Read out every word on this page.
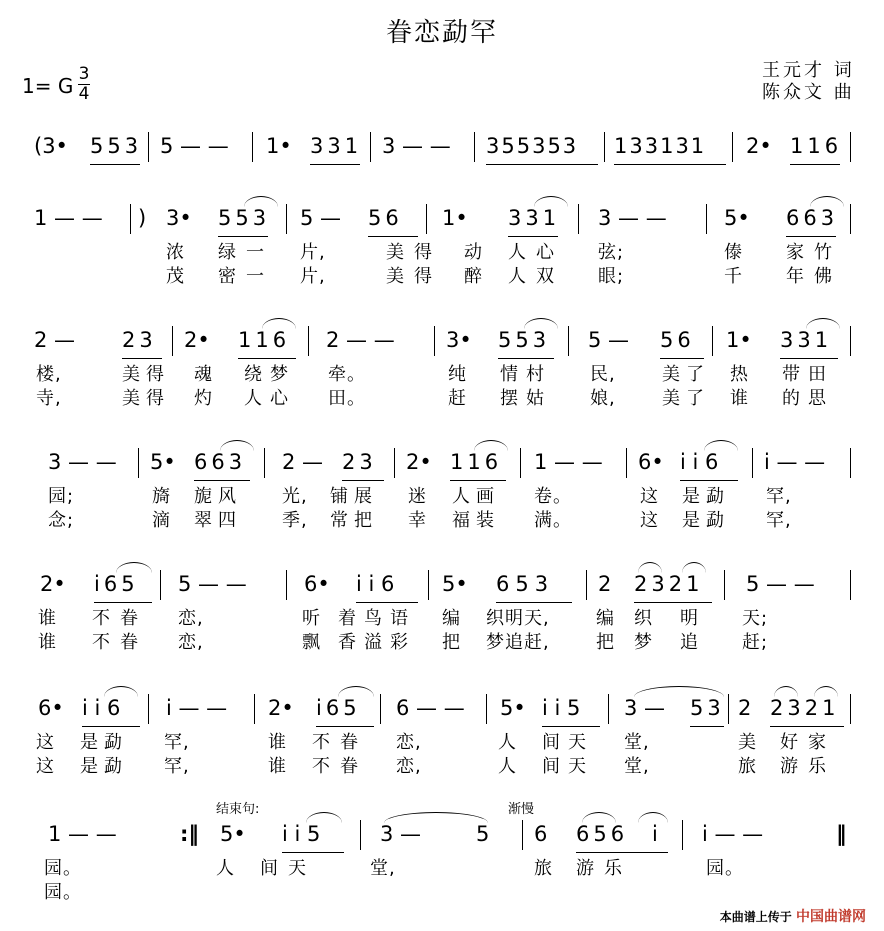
眷恋勐罕
1= G 3
4
王元才 词
陈众文 曲
(3• 553 5 — — 1• 331 3 — — 355353 133131 2• 116
1 — — ) 3• 553 5 — 56 1• 331 3 — —	5• 663
浓 绿一 片,	美得 动 人心 弦;	傣 家竹
茂 密一 片,	美得 醉 人双 眼;	千 年佛
2 — 23 2• 116 2 — — 3• 553 5 — 56 1• 331
楼,	美得 魂 绕梦 牵。	纯 情村 民,	美了 热 带田
寺,	美得 灼 人心 田。	赶 摆姑 娘,	美了 谁 的思
3 — — 5• 663 2 — 23 2• 116 1 — — 6• i i 6 i — —
园;	旖 旎风 光, 铺展 迷 人画 卷。	这 是勐 罕,
念;	滴 翠四 季, 常把 幸 福装 满。	这 是勐 罕,
2• i65 5 — —	6• i i 6 5• 653 2 2321 5 — —
谁 不眷 恋,	听 着鸟语 编 织明天,	编 织 明 天;
谁 不眷 恋,	飘 香溢彩 把 梦追赶,	把 梦 追 赶;
6• i i 6 i — — 2• i65 6 — — 5• i i 5 3 — 53 2 2321
这 是勐 罕,	谁 不眷 恋,	人 间天 堂,	美 好家
这 是勐 罕,	谁 不眷 恋,	人 间天 堂,	旅 游乐
结束句:	渐慢
1 — —	:‖ 5• i i 5	3 —	5 6 656 i i — —	‖
园。	人 间天	堂,	旅 游乐	园。
园。
本曲谱上传于 中国曲谱网
